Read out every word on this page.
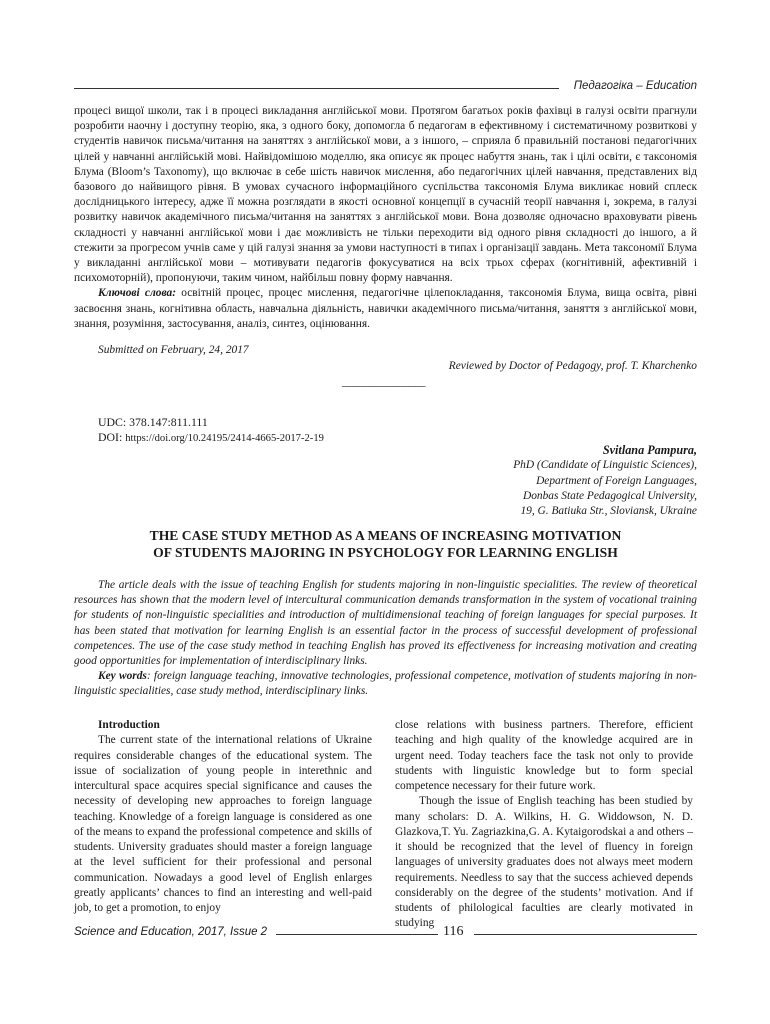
Педагогіка – Education

процесі вищої школи, так і в процесі викладання англійської мови. Протягом багатьох років фахівці в галузі освіти прагнули розробити наочну і доступну теорію, яка, з одного боку, допомогла б педагогам в ефективному і систематичному розвиткові у студентів навичок письма/читання на заняттях з англійської мови, а з іншого, – сприяла б правильній постанові педагогічних цілей у навчанні англійській мові. Найвідомішою моделлю, яка описує як процес набуття знань, так і цілі освіти, є таксономія Блума (Bloom’s Taxonomy), що включає в себе шість навичок мислення, або педагогічних цілей навчання, представлених від базового до найвищого рівня. В умовах сучасного інформаційного суспільства таксономія Блума викликає новий сплеск дослідницького інтересу, адже її можна розглядати в якості основної концепції в сучасній теорії навчання і, зокрема, в галузі розвитку навичок академічного письма/читання на заняттях з англійської мови. Вона дозволяє одночасно враховувати рівень складності у навчанні англійської мови і дає можливість не тільки переходити від одного рівня складності до іншого, а й стежити за прогресом учнів саме у цій галузі знання за умови наступності в типах і організації завдань. Мета таксономії Блума у викладанні англійської мови – мотивувати педагогів фокусуватися на всіх трьох сферах (когнітивній, афективній і психомоторній), пропонуючи, таким чином, найбільш повну форму навчання.

Ключові слова: освітній процес, процес мислення, педагогічне цілепокладання, таксономія Блума, вища освіта, рівні засвоєння знань, когнітивна область, навчальна діяльність, навички академічного письма/читання, заняття з англійської мови, знання, розуміння, застосування, аналіз, синтез, оцінювання.

Submitted on February, 24, 2017
Reviewed by Doctor of Pedagogy, prof. T. Kharchenko
________________
UDC: 378.147:811.111
DOI: https://doi.org/10.24195/2414-4665-2017-2-19
Svitlana Pampura,
PhD (Candidate of Linguistic Sciences),
Department of Foreign Languages,
Donbas State Pedagogical University,
19, G. Batiuka Str., Sloviansk, Ukraine
THE CASE STUDY METHOD AS A MEANS OF INCREASING MOTIVATION
OF STUDENTS MAJORING IN PSYCHOLOGY FOR LEARNING ENGLISH

The article deals with the issue of teaching English for students majoring in non-linguistic specialities. The review of theoretical resources has shown that the modern level of intercultural communication demands transformation in the system of vocational training for students of non-linguistic specialities and introduction of multidimensional teaching of foreign languages for special purposes. It has been stated that motivation for learning English is an essential factor in the process of successful development of professional competences. The use of the case study method in teaching English has proved its effectiveness for increasing motivation and creating good opportunities for implementation of interdisciplinary links.

Key words: foreign language teaching, innovative technologies, professional competence, motivation of students majoring in non-linguistic specialities, case study method, interdisciplinary links.

Introduction

The current state of the international relations of Ukraine requires considerable changes of the educational system. The issue of socialization of young people in interethnic and intercultural space acquires special significance and causes the necessity of developing new approaches to foreign language teaching. Knowledge of a foreign language is considered as one of the means to expand the professional competence and skills of students. University graduates should master a foreign language at the level sufficient for their professional and personal communication. Nowadays a good level of English enlarges greatly applicants’ chances to find an interesting and well-paid job, to get a promotion, to enjoy

close relations with business partners. Therefore, efficient teaching and high quality of the knowledge acquired are in urgent need. Today teachers face the task not only to provide students with linguistic knowledge but to form special competence necessary for their future work.

Though the issue of English teaching has been studied by many scholars: D. A. Wilkins, H. G. Widdowson, N. D. Glazkova,T. Yu. Zagriazkina,G. A. Kytaigorodskai a and others – it should be recognized that the level of fluency in foreign languages of university graduates does not always meet modern requirements. Needless to say that the success achieved depends considerably on the degree of the students’ motivation. And if students of philological faculties are clearly motivated in studying

Science and Education, 2017, Issue 2	116
